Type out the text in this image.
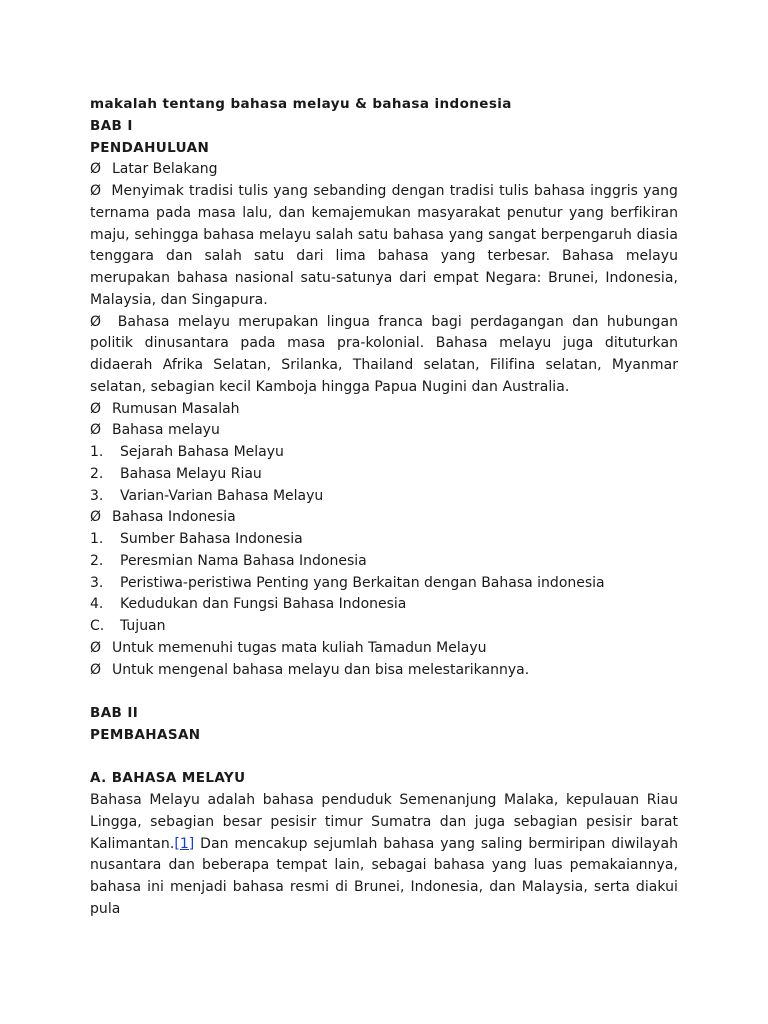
makalah tentang bahasa melayu & bahasa indonesia

BAB I

PENDAHULUAN

Ø Latar Belakang

Ø Menyimak tradisi tulis yang sebanding dengan tradisi tulis bahasa inggris yang ternama pada masa lalu, dan kemajemukan masyarakat penutur yang berfikiran maju, sehingga bahasa melayu salah satu bahasa yang sangat berpengaruh diasia tenggara dan salah satu dari lima bahasa yang terbesar. Bahasa melayu merupakan bahasa nasional satu-satunya dari empat Negara: Brunei, Indonesia, Malaysia, dan Singapura.

Ø Bahasa melayu merupakan lingua franca bagi perdagangan dan hubungan politik dinusantara pada masa pra-kolonial. Bahasa melayu juga dituturkan didaerah Afrika Selatan, Srilanka, Thailand selatan, Filifina selatan, Myanmar selatan, sebagian kecil Kamboja hingga Papua Nugini dan Australia.

Ø Rumusan Masalah

Ø Bahasa melayu

1.	Sejarah Bahasa Melayu

2.	Bahasa Melayu Riau

3.	Varian-Varian Bahasa Melayu

Ø Bahasa Indonesia

1.	Sumber Bahasa Indonesia

2.	Peresmian Nama Bahasa Indonesia

3.	Peristiwa-peristiwa Penting yang Berkaitan dengan Bahasa indonesia

4.	Kedudukan dan Fungsi Bahasa Indonesia

C.	Tujuan

Ø Untuk memenuhi tugas mata kuliah Tamadun Melayu

Ø Untuk mengenal bahasa melayu dan bisa melestarikannya.

BAB II

PEMBAHASAN

A. BAHASA MELAYU

Bahasa Melayu adalah bahasa penduduk Semenanjung Malaka, kepulauan Riau Lingga, sebagian besar pesisir timur Sumatra dan juga sebagian pesisir barat Kalimantan.[1] Dan mencakup sejumlah bahasa yang saling bermiripan diwilayah nusantara dan beberapa tempat lain, sebagai bahasa yang luas pemakaiannya, bahasa ini menjadi bahasa resmi di Brunei, Indonesia, dan Malaysia, serta diakui pula
